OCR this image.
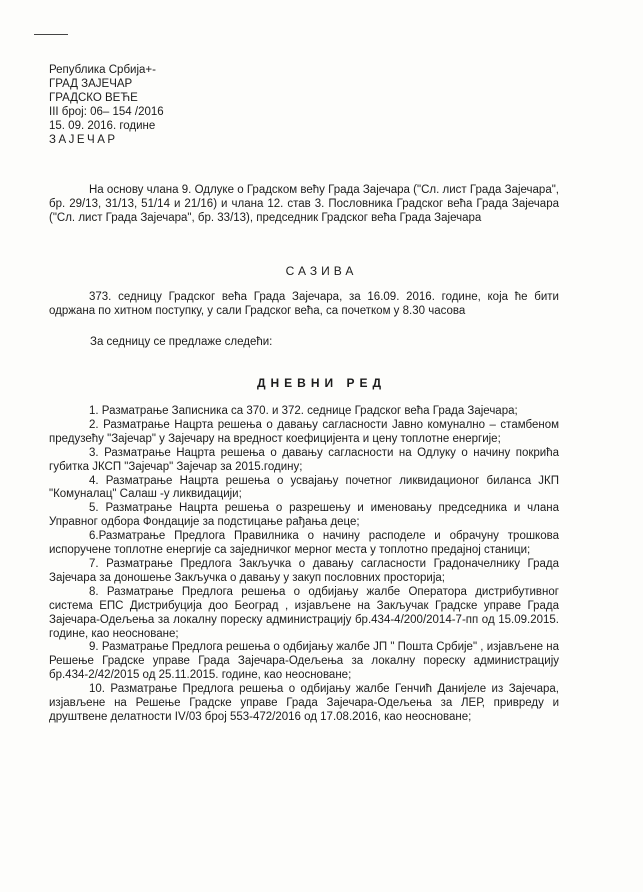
Република Србија+-
ГРАД ЗАЈЕЧАР
ГРАДСКО ВЕЋЕ
III број: 06– 154 /2016
15. 09. 2016. године
ЗАЈЕЧАР
На основу члана 9. Одлуке о Градском већу Града Зајечара ("Сл. лист Града Зајечара", бр. 29/13, 31/13, 51/14 и 21/16) и члана 12. став 3. Пословника Градског већа Града Зајечара ("Сл. лист Града Зајечара", бр. 33/13), председник Градског већа Града Зајечара
САЗИВА
373. седницу Градског већа Града Зајечара, за 16.09. 2016. године, која ће бити одржана по хитном поступку, у сали Градског већа, са почетком у 8.30 часова
За седницу се предлаже следећи:
ДНЕВНИ РЕД

1. Разматрање Записника са 370. и 372. седнице Градског већа Града Зајечара;

2. Разматрање Нацрта решења о давању сагласности Јавно комунално – стамбеном предузећу "Зајечар" у Зајечару на вредност коефицијента и цену топлотне енергије;

3. Разматрање Нацрта решења о давању сагласности на Одлуку о начину покрића губитка ЈКСП "Зајечар" Зајечар за 2015.годину;

4. Разматрање Нацрта решења о усвајању почетног ликвидационог биланса ЈКП "Комуналац" Салаш -у ликвидацији;

5. Разматрање Нацрта решења о разрешењу и именовању председника и члана Управног одбора Фондације за подстицање рађања деце;

6.Разматрање Предлога Правилника о начину расподеле и обрачуну трошкова испоручене топлотне енергије са заједничког мерног места у топлотно предајној станици;

7. Разматрање Предлога Закључка о давању сагласности Градоначелнику Града Зајечара за доношење Закључка о давању у закуп пословних просторија;

8. Разматрање Предлога решења о одбијању жалбе Оператора дистрибутивног система ЕПС Дистрибуција доо Београд , изјављене на Закључак Градске управе Града Зајечара-Одељења за локалну пореску администрацију бр.434-4/200/2014-7-пп од 15.09.2015. године, као неосноване;

9. Разматрање Предлога решења о одбијању жалбе ЈП " Пошта Србије" , изјављене на Решење Градске управе Града Зајечара-Одељења за локалну пореску администрацију бр.434-2/42/2015 од 25.11.2015. године, као неосноване;

10. Разматрање Предлога решења о одбијању жалбе Генчић Данијеле из Зајечара, изјављене на Решење Градске управе Града Зајечара-Одељења за ЛЕР, привреду и друштвене делатности IV/03 број 553-472/2016 од 17.08.2016, као неосноване;
